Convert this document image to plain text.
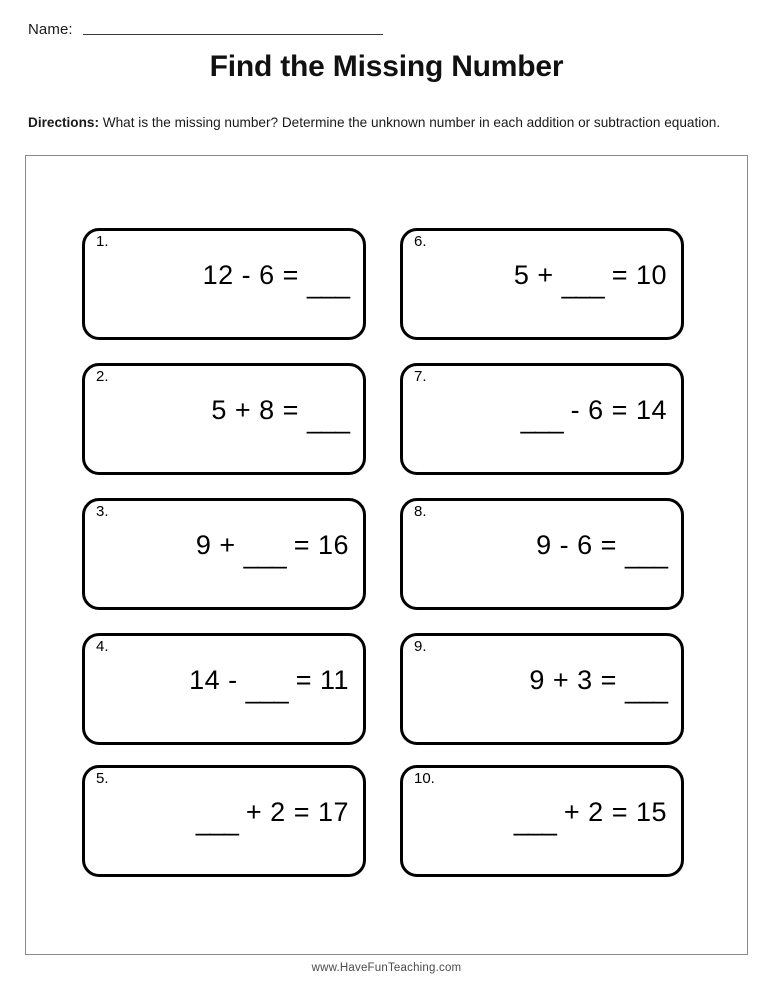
Name:
Find the Missing Number
Directions: What is the missing number? Determine the unknown number in each addition or subtraction equation.
1.
12 - 6 = ___
2.
5 + 8 = ___
3.
9 + ___ = 16
4.
14 - ___ = 11
5.
___ + 2 = 17
6.
5 + ___ = 10
7.
___ - 6 = 14
8.
9 - 6 = ___
9.
9 + 3 = ___
10.
___ + 2 = 15
www.HaveFunTeaching.com
